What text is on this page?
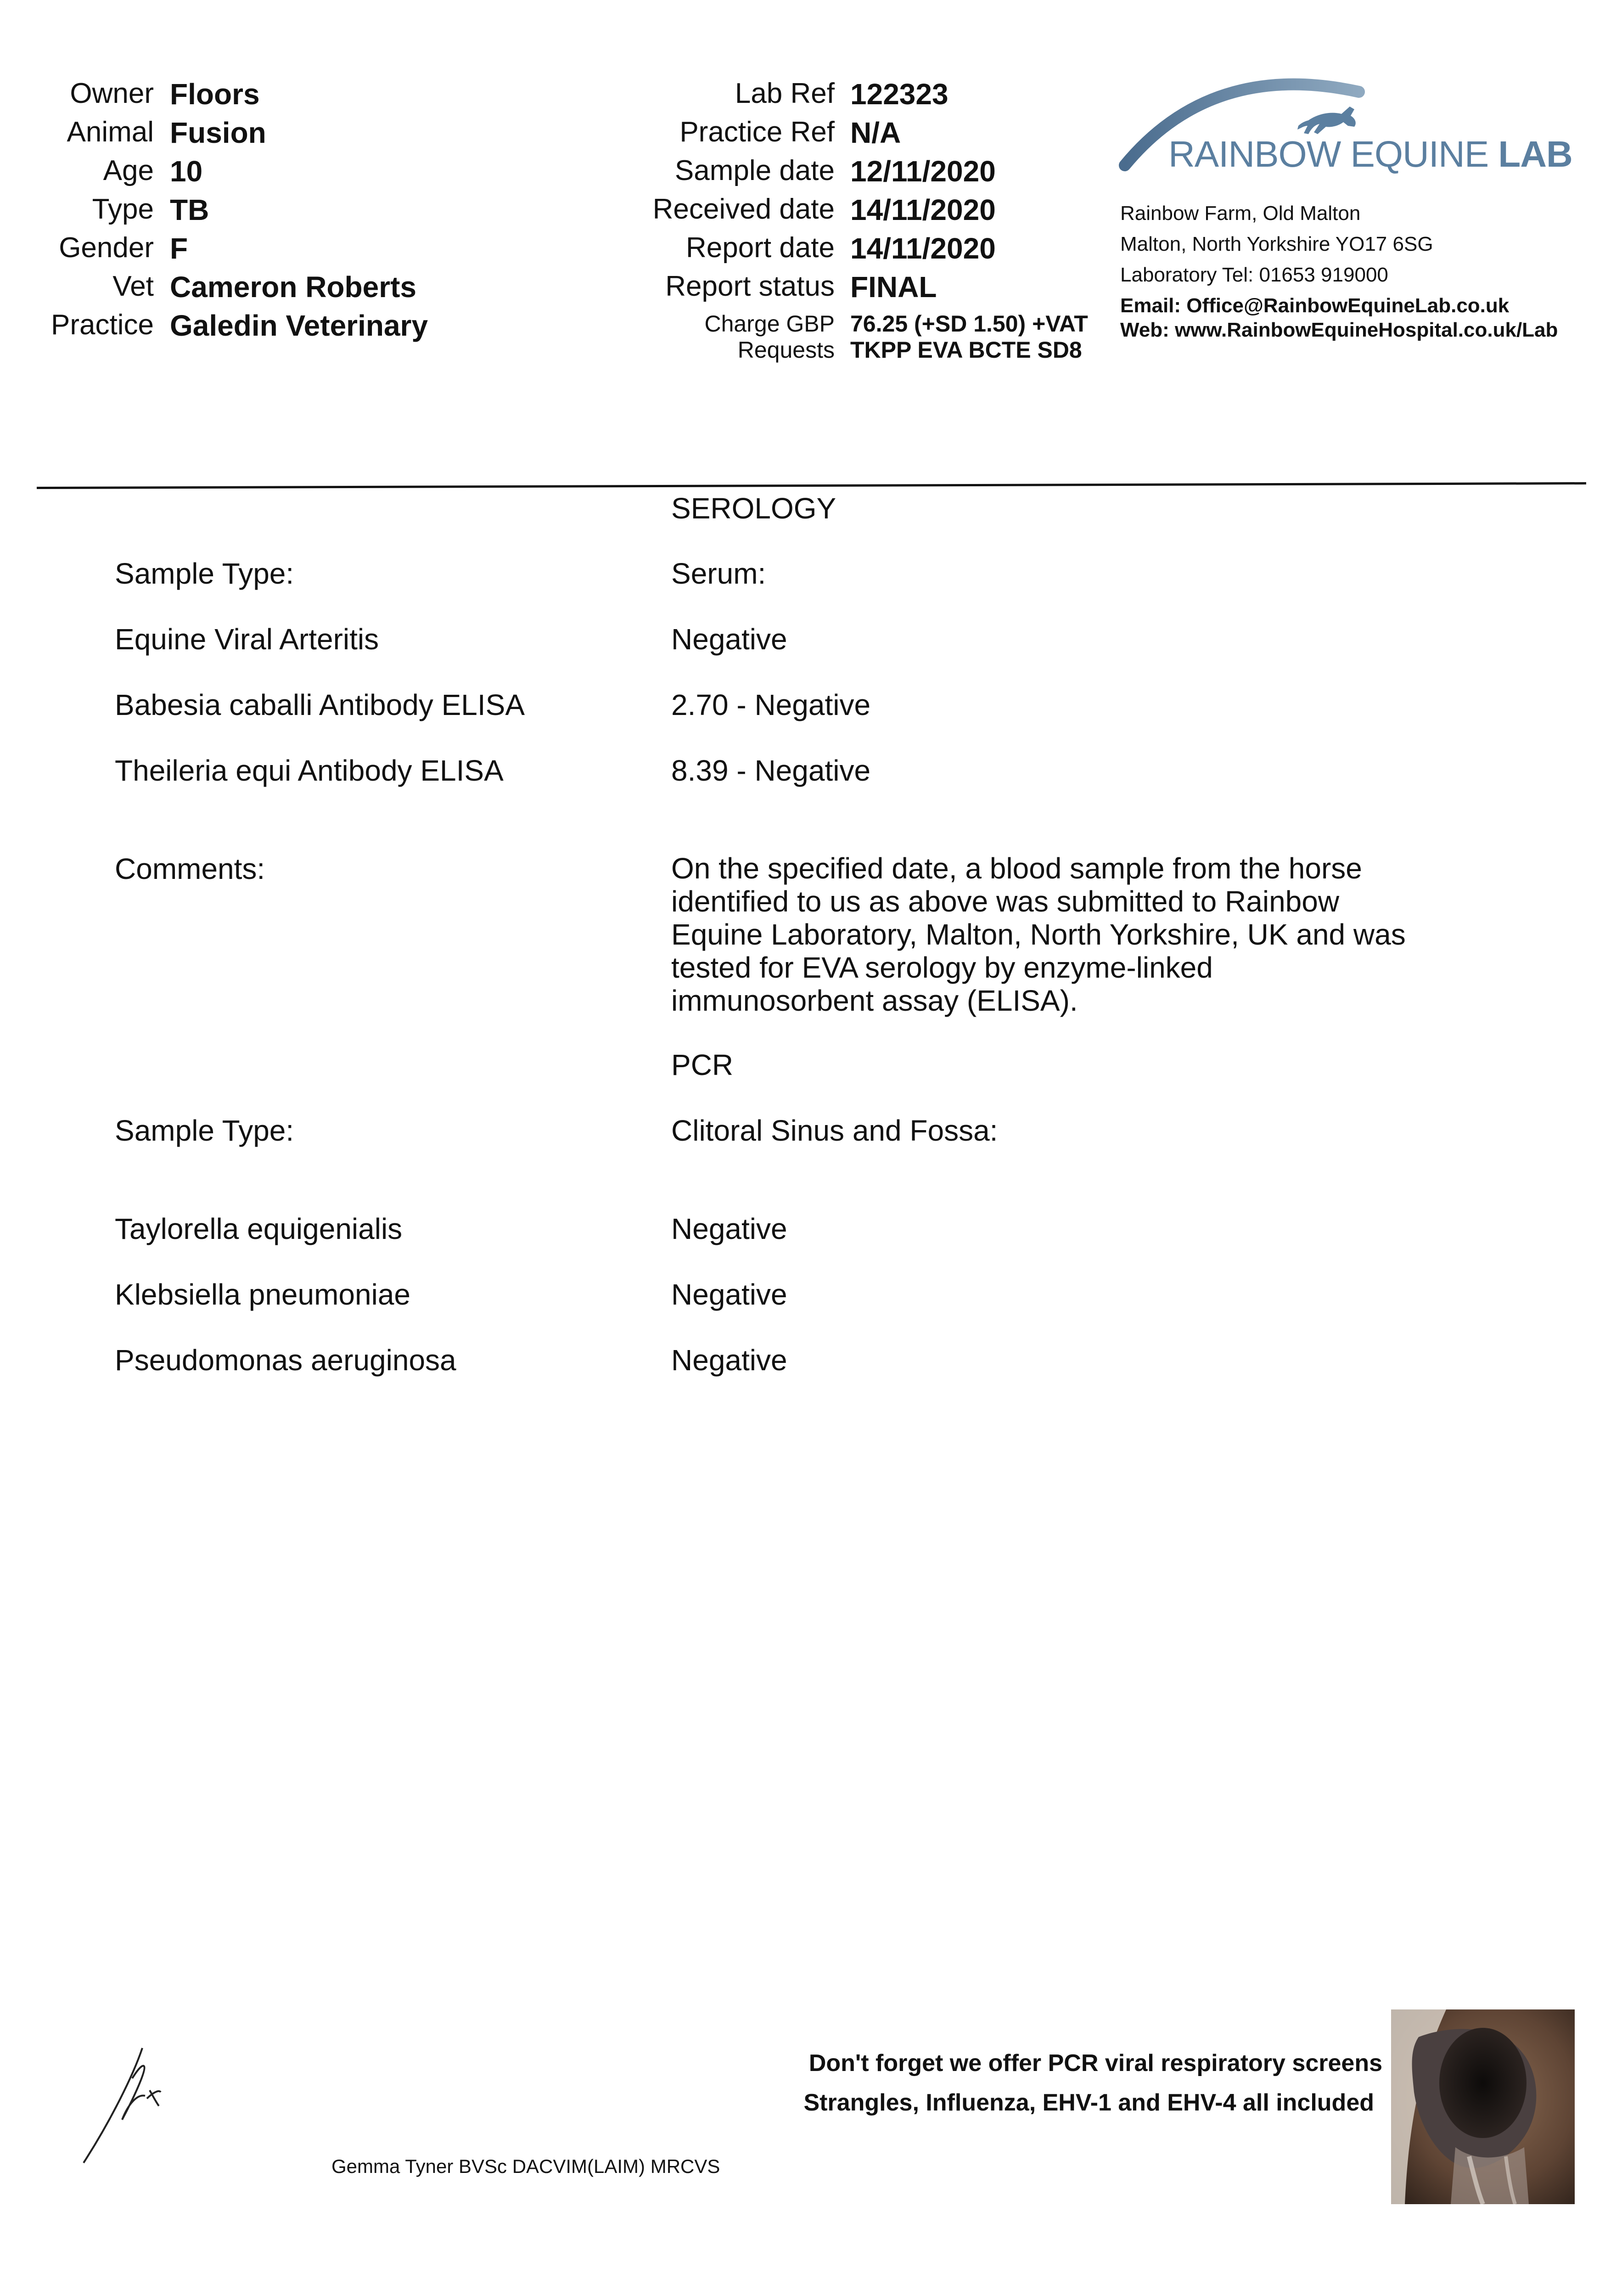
Owner Floors
Animal Fusion
Age 10
Type TB
Gender F
Vet Cameron Roberts
Practice Galedin Veterinary
Lab Ref 122323
Practice Ref N/A
Sample date 12/11/2020
Received date 14/11/2020
Report date 14/11/2020
Report status FINAL
Charge GBP 76.25 (+SD 1.50) +VAT
Requests TKPP EVA BCTE SD8
RAINBOW EQUINE LAB
Rainbow Farm, Old Malton
Malton, North Yorkshire YO17 6SG
Laboratory Tel: 01653 919000
Email: Office@RainbowEquineLab.co.uk
Web: www.RainbowEquineHospital.co.uk/Lab
SEROLOGY
Sample Type:	Serum:
Equine Viral Arteritis	Negative
Babesia caballi Antibody ELISA	2.70 - Negative
Theileria equi Antibody ELISA	8.39 - Negative
Comments:	On the specified date, a blood sample from the horse identified to us as above was submitted to Rainbow Equine Laboratory, Malton, North Yorkshire, UK and was tested for EVA serology by enzyme-linked immunosorbent assay (ELISA).
PCR
Sample Type:	Clitoral Sinus and Fossa:
Taylorella equigenialis	Negative
Klebsiella pneumoniae	Negative
Pseudomonas aeruginosa	Negative
Gemma Tyner BVSc DACVIM(LAIM) MRCVS
Don't forget we offer PCR viral respiratory screens
Strangles, Influenza, EHV-1 and EHV-4 all included
